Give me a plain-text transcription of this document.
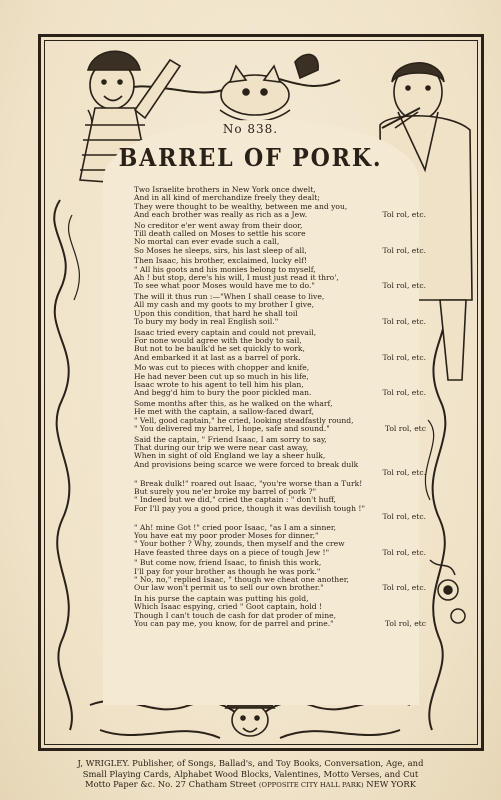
No 838.
BARREL OF PORK.
Two Israelite brothers in New York once dwelt,
And in all kind of merchandize freely they dealt;
They were thought to be wealthy, between me and you,
And each brother was really as rich as a Jew.	Tol rol, etc.
No creditor e'er went away from their door,
Till death called on Moses to settle his score
No mortal can ever evade such a call,
So Moses he sleeps, sirs, his last sleep of all,	Tol rol, etc.
Then Isaac, his brother, exclaimed, lucky elf!
" All his goots and his monies belong to myself,
Ah ! but stop, dere's his will, I must just read it thro',
To see what poor Moses would have me to do."	Tol rol, etc.
The will it thus run :—"When I shall cease to live,
All my cash and my goots to my brother I give,
Upon this condition, that hard he shall toil
To bury my body in real English soil."	Tol rol, etc.
Isaac tried every captain and could not prevail,
For none would agree with the body to sail,
But not to be baulk'd he set quickly to work,
And embarked it at last as a barrel of pork.	Tol rol, etc.
Mo was cut to pieces with chopper and knife,
He had never been cut up so much in his life,
Isaac wrote to his agent to tell him his plan,
And begg'd him to bury the poor pickled man.	Tol rol, etc.
Some months after this, as he walked on the wharf,
He met with the captain, a sallow-faced dwarf,
" Vell, good captain," he cried, looking steadfastly round,
" You delivered my barrel, I hope, safe and sound."	Tol rol, etc
Said the captain, " Friend Isaac, I am sorry to say,
That during our trip we were near cast away,
When in sight of old England we lay a sheer hulk,
And provisions being scarce we were forced to break dulk
Tol rol, etc.
" Break dulk!" roared out Isaac, "you're worse than a Turk!
But surely you ne'er broke my barrel of pork ?"
" Indeed but we did," cried the captain : " don't huff,
For I'll pay you a good price, though it was devilish tough !"
Tol rol, etc.
" Ah! mine Got !" cried poor Isaac, "as I am a sinner,
You have eat my poor proder Moses for dinner,"
" Your bother ? Why, zounds, then myself and the crew
Have feasted three days on a piece of tough Jew !"	Tol rol, etc.
" But come now, friend Isaac, to finish this work,
I'll pay for your brother as though he was pork."
" No, no," replied Isaac, " though we cheat one another,
Our law won't permit us to sell our own brother."	Tol rol, etc.
In his purse the captain was putting his gold,
Which Isaac espying, cried " Goot captain, hold !
Though I can't touch de cash for dat proder of mine,
You can pay me, you know, for de parrel and prine."	Tol rol, etc
J, WRIGLEY. Publisher, of Songs, Ballad's, and Toy Books, Conversation, Age, and
Small Playing Cards, Alphabet Wood Blocks, Valentines, Motto Verses, and Cut
Motto Paper &c. No. 27 Chatham Street (OPPOSITE CITY HALL PARK) NEW YORK
